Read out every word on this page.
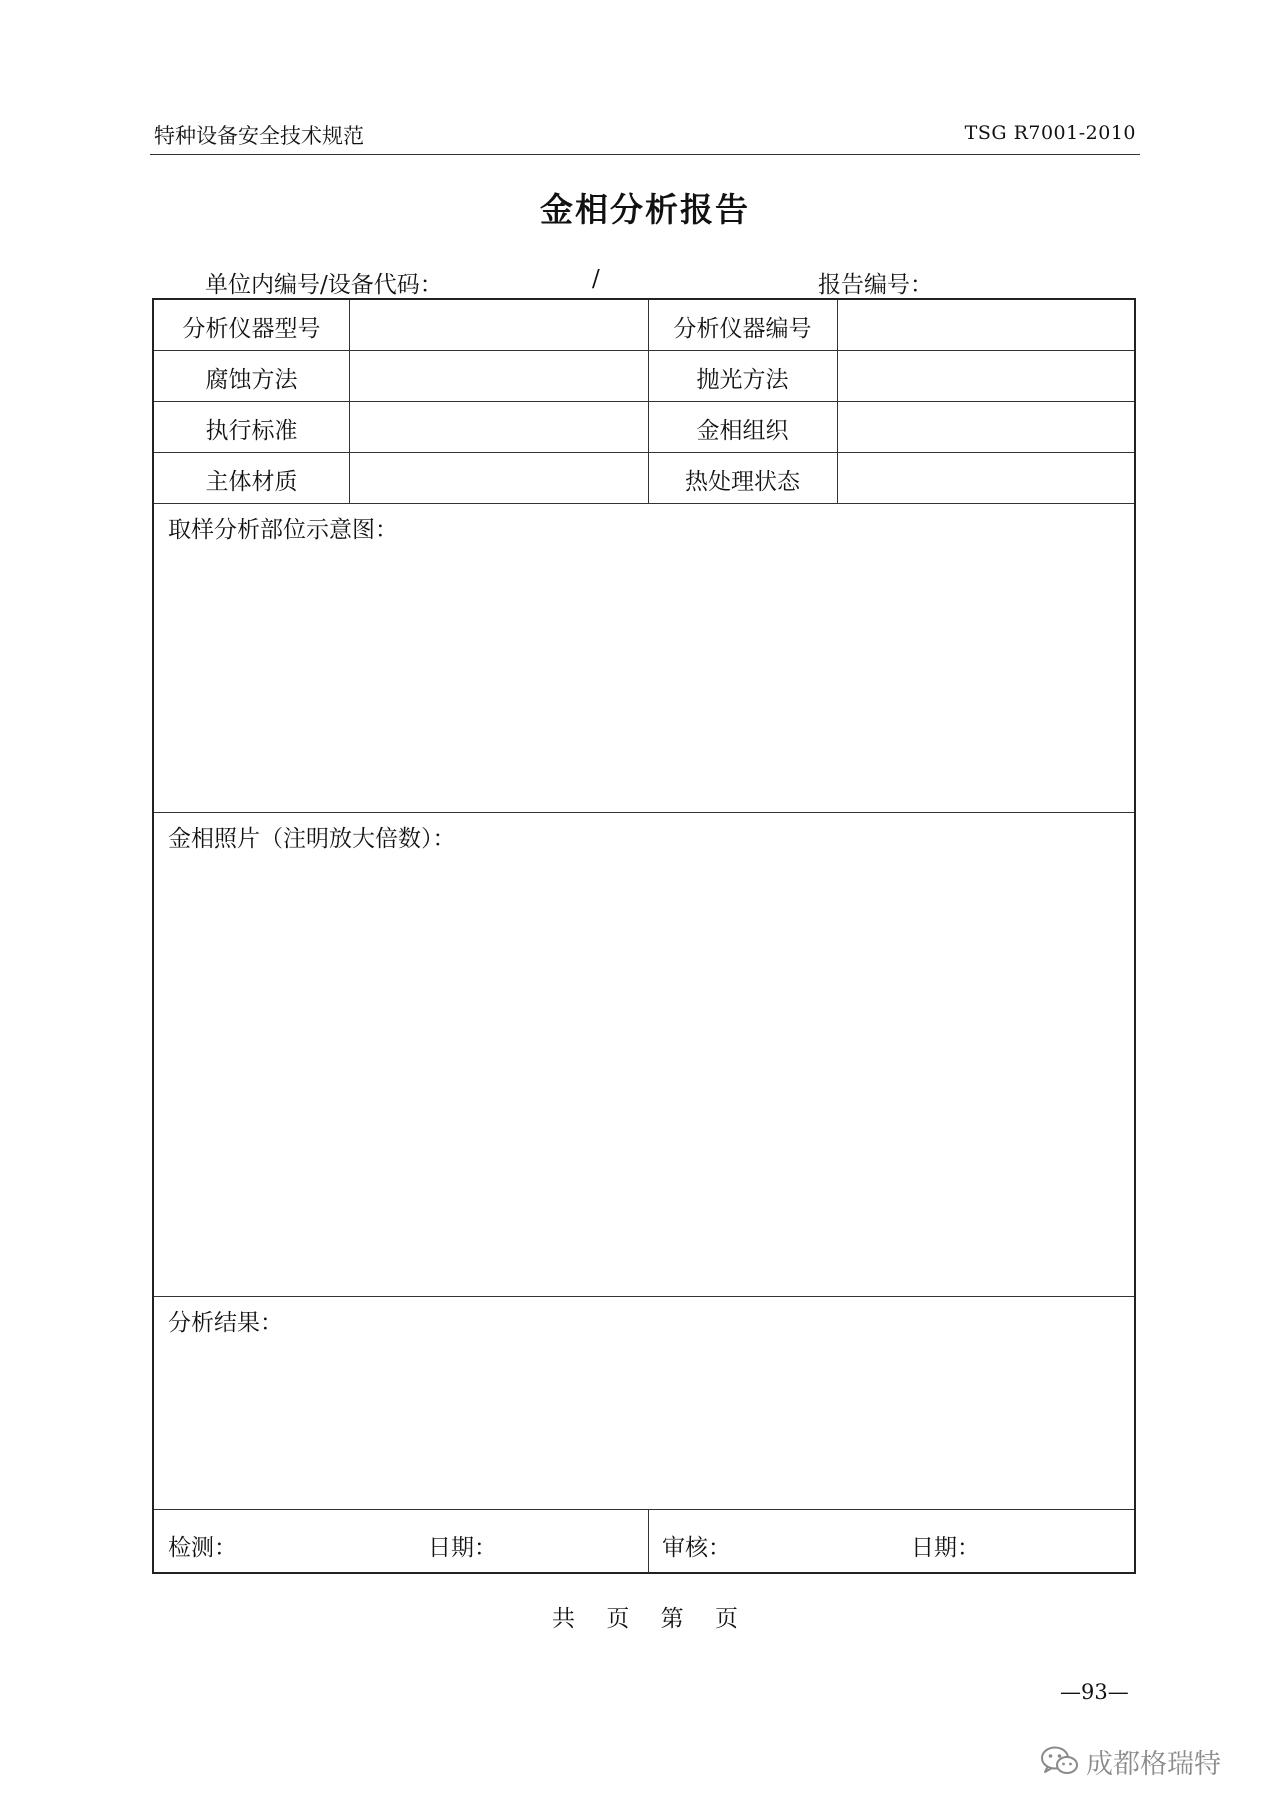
特种设备安全技术规范	TSG R7001-2010
金相分析报告
单位内编号/设备代码：	/	报告编号：
分析仪器型号	分析仪器编号
腐蚀方法	抛光方法
执行标准	金相组织
主体材质	热处理状态
取样分析部位示意图：
金相照片（注明放大倍数）：
分析结果：
检测：	日期：	审核：	日期：
共 页 第 页
—93—
成都格瑞特
